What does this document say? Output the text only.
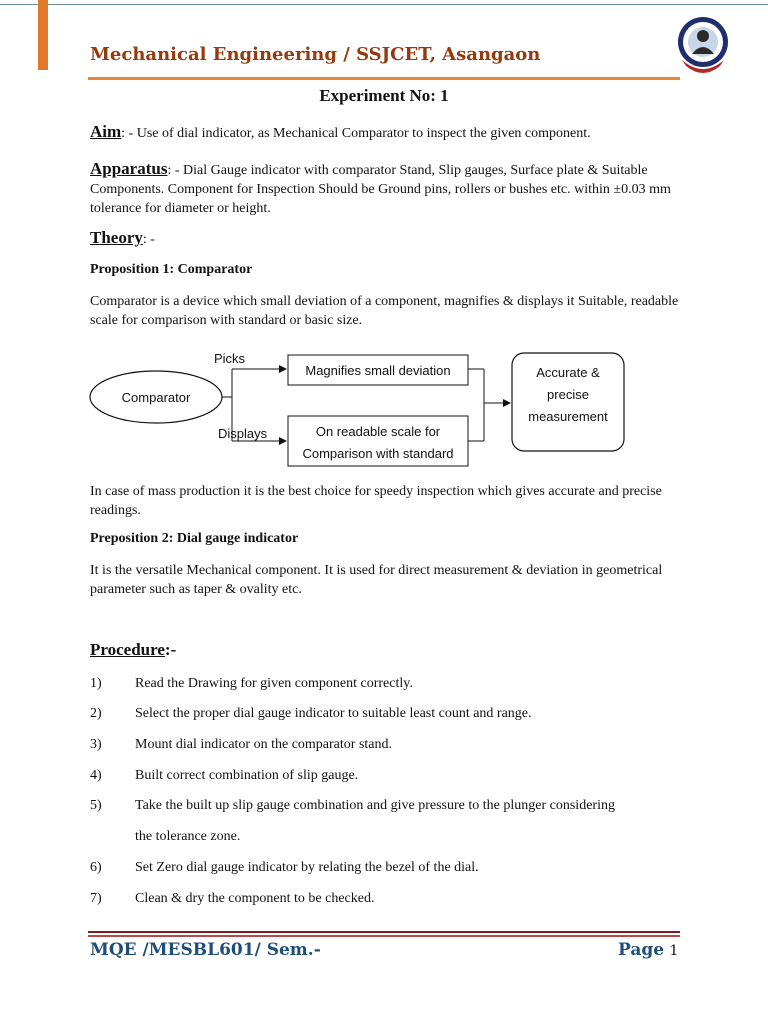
Mechanical Engineering / SSJCET, Asangaon
Experiment No: 1
Aim: - Use of dial indicator, as Mechanical Comparator to inspect the given component.
Apparatus: - Dial Gauge indicator with comparator Stand, Slip gauges, Surface plate & Suitable Components. Component for Inspection Should be Ground pins, rollers or bushes etc. within ±0.03 mm tolerance for diameter or height.
Theory: -
Proposition 1: Comparator
Comparator is a device which small deviation of a component, magnifies & displays it Suitable, readable scale for comparison with standard or basic size.
Comparator
Picks
Displays
Magnifies small deviation
On readable scale for
Comparison with standard
Accurate &
precise
measurement
In case of mass production it is the best choice for speedy inspection which gives accurate and precise readings.
Preposition 2: Dial gauge indicator
It is the versatile Mechanical component. It is used for direct measurement & deviation in geometrical parameter such as taper & ovality etc.
Procedure:-
1) Read the Drawing for given component correctly.
2) Select the proper dial gauge indicator to suitable least count and range.
3) Mount dial indicator on the comparator stand.
4) Built correct combination of slip gauge.
5) Take the built up slip gauge combination and give pressure to the plunger considering
the tolerance zone.
6) Set Zero dial gauge indicator by relating the bezel of the dial.
7) Clean & dry the component to be checked.
MQE /MESBL601/ Sem.-	Page 1
